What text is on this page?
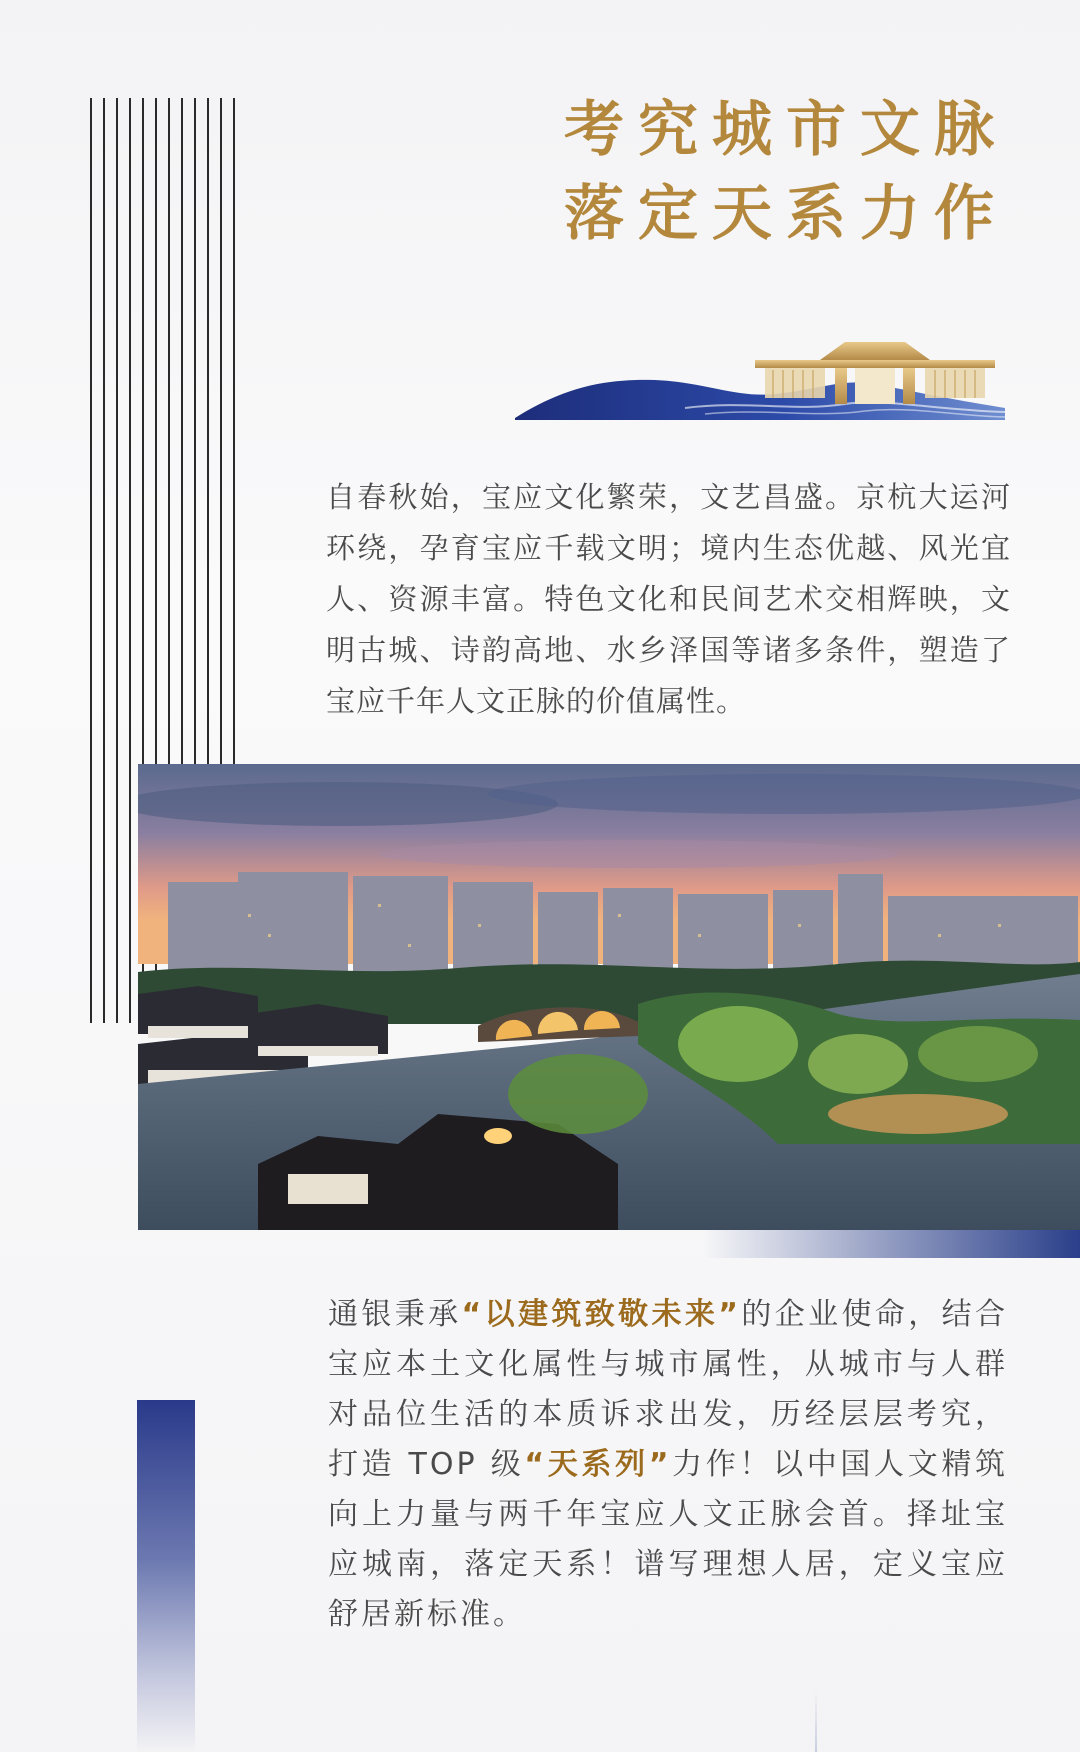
考究城市文脉
落定天系力作
自春秋始，宝应文化繁荣，文艺昌盛。京杭大运河环绕，孕育宝应千载文明；境内生态优越、风光宜人、资源丰富。特色文化和民间艺术交相辉映，文明古城、诗韵高地、水乡泽国等诸多条件，塑造了宝应千年人文正脉的价值属性。
通银秉承“以建筑致敬未来”的企业使命，结合宝应本土文化属性与城市属性，从城市与人群对品位生活的本质诉求出发，历经层层考究，打造 TOP 级“天系列”力作！以中国人文精筑向上力量与两千年宝应人文正脉会首。择址宝应城南，落定天系！谱写理想人居，定义宝应舒居新标准。
